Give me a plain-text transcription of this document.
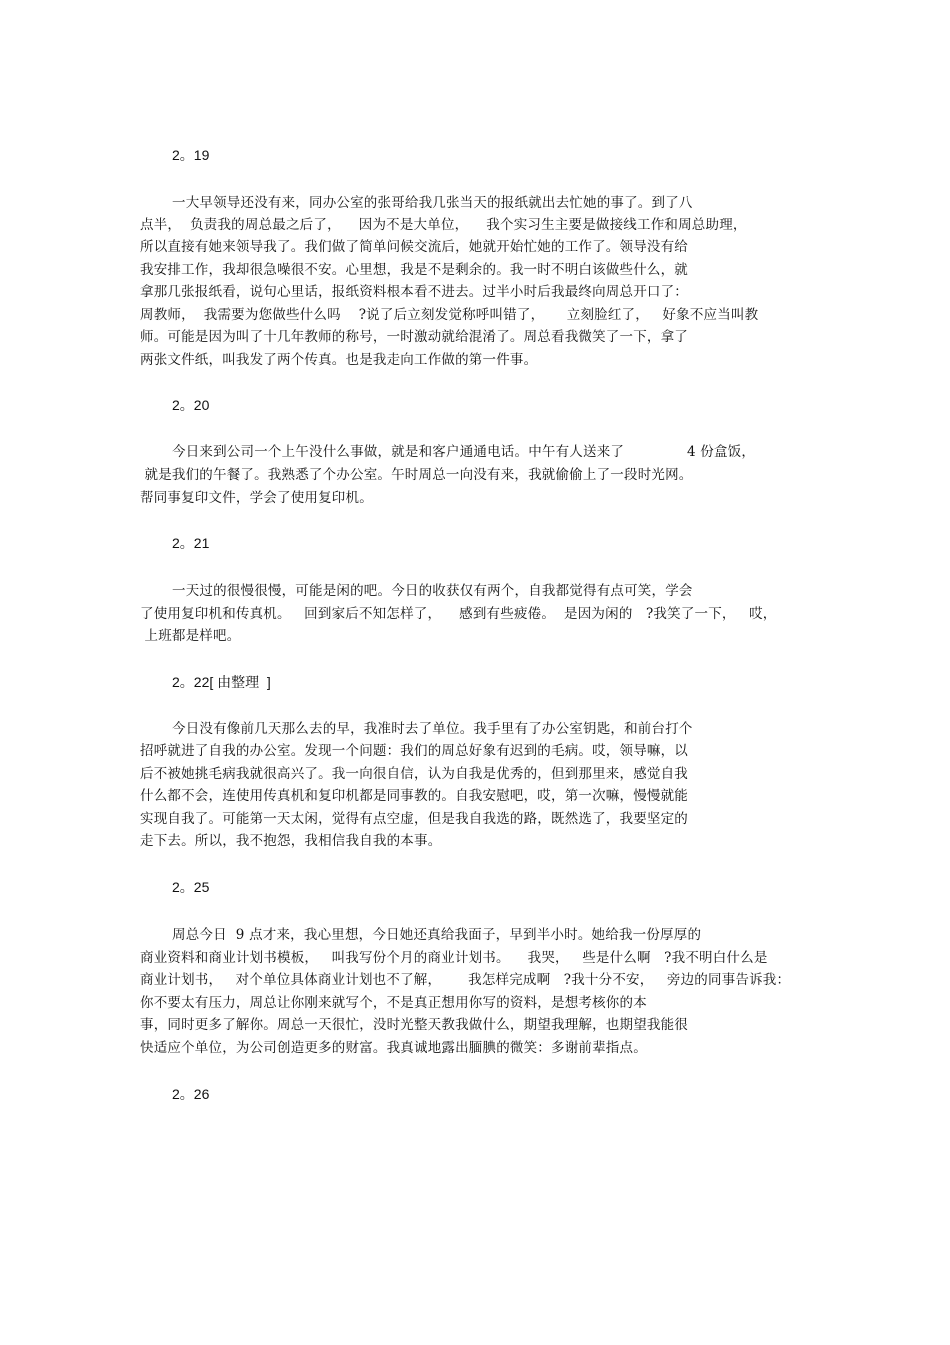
2。19
一大早领导还没有来，同办公室的张哥给我几张当天的报纸就出去忙她的事了。到了八
点半，  负责我的周总最之后了，    因为不是大单位，    我个实习生主要是做接线工作和周总助理，
所以直接有她来领导我了。我们做了简单问候交流后，她就开始忙她的工作了。领导没有给
我安排工作，我却很急噪很不安。心里想，我是不是剩余的。我一时不明白该做些什么，就
拿那几张报纸看，说句心里话，报纸资料根本看不进去。过半小时后我最终向周总开口了：
周教师，  我需要为您做些什么吗    ?说了后立刻发觉称呼叫错了，     立刻脸红了，   好象不应当叫教
师。可能是因为叫了十几年教师的称号，一时激动就给混淆了。周总看我微笑了一下，拿了
两张文件纸，叫我发了两个传真。也是我走向工作做的第一件事。
2。20
今日来到公司一个上午没什么事做，就是和客户通通电话。中午有人送来了              4 份盒饭，
就是我们的午餐了。我熟悉了个办公室。午时周总一向没有来，我就偷偷上了一段时光网。
帮同事复印文件，学会了使用复印机。
2。21
一天过的很慢很慢，可能是闲的吧。今日的收获仅有两个，自我都觉得有点可笑，学会
了使用复印机和传真机。   回到家后不知怎样了，    感到有些疲倦。  是因为闲的   ?我笑了一下，   哎，
上班都是样吧。
2。22[ 由整理  ]
今日没有像前几天那么去的早，我准时去了单位。我手里有了办公室钥匙，和前台打个
招呼就进了自我的办公室。发现一个问题：我们的周总好象有迟到的毛病。哎，领导嘛，以
后不被她挑毛病我就很高兴了。我一向很自信，认为自我是优秀的，但到那里来，感觉自我
什么都不会，连使用传真机和复印机都是同事教的。自我安慰吧，哎，第一次嘛，慢慢就能
实现自我了。可能第一天太闲，觉得有点空虚，但是我自我选的路，既然选了，我要坚定的
走下去。所以，我不抱怨，我相信我自我的本事。
2。25
周总今日  9 点才来，我心里想，今日她还真给我面子，早到半小时。她给我一份厚厚的
商业资料和商业计划书模板，   叫我写份个月的商业计划书。    我哭，   些是什么啊   ?我不明白什么是
商业计划书，   对个单位具体商业计划也不了解，      我怎样完成啊   ?我十分不安，   旁边的同事告诉我：
你不要太有压力，周总让你刚来就写个，不是真正想用你写的资料，是想考核你的本
事，同时更多了解你。周总一天很忙，没时光整天教我做什么，期望我理解，也期望我能很
快适应个单位，为公司创造更多的财富。我真诚地露出腼腆的微笑：多谢前辈指点。
2。26
